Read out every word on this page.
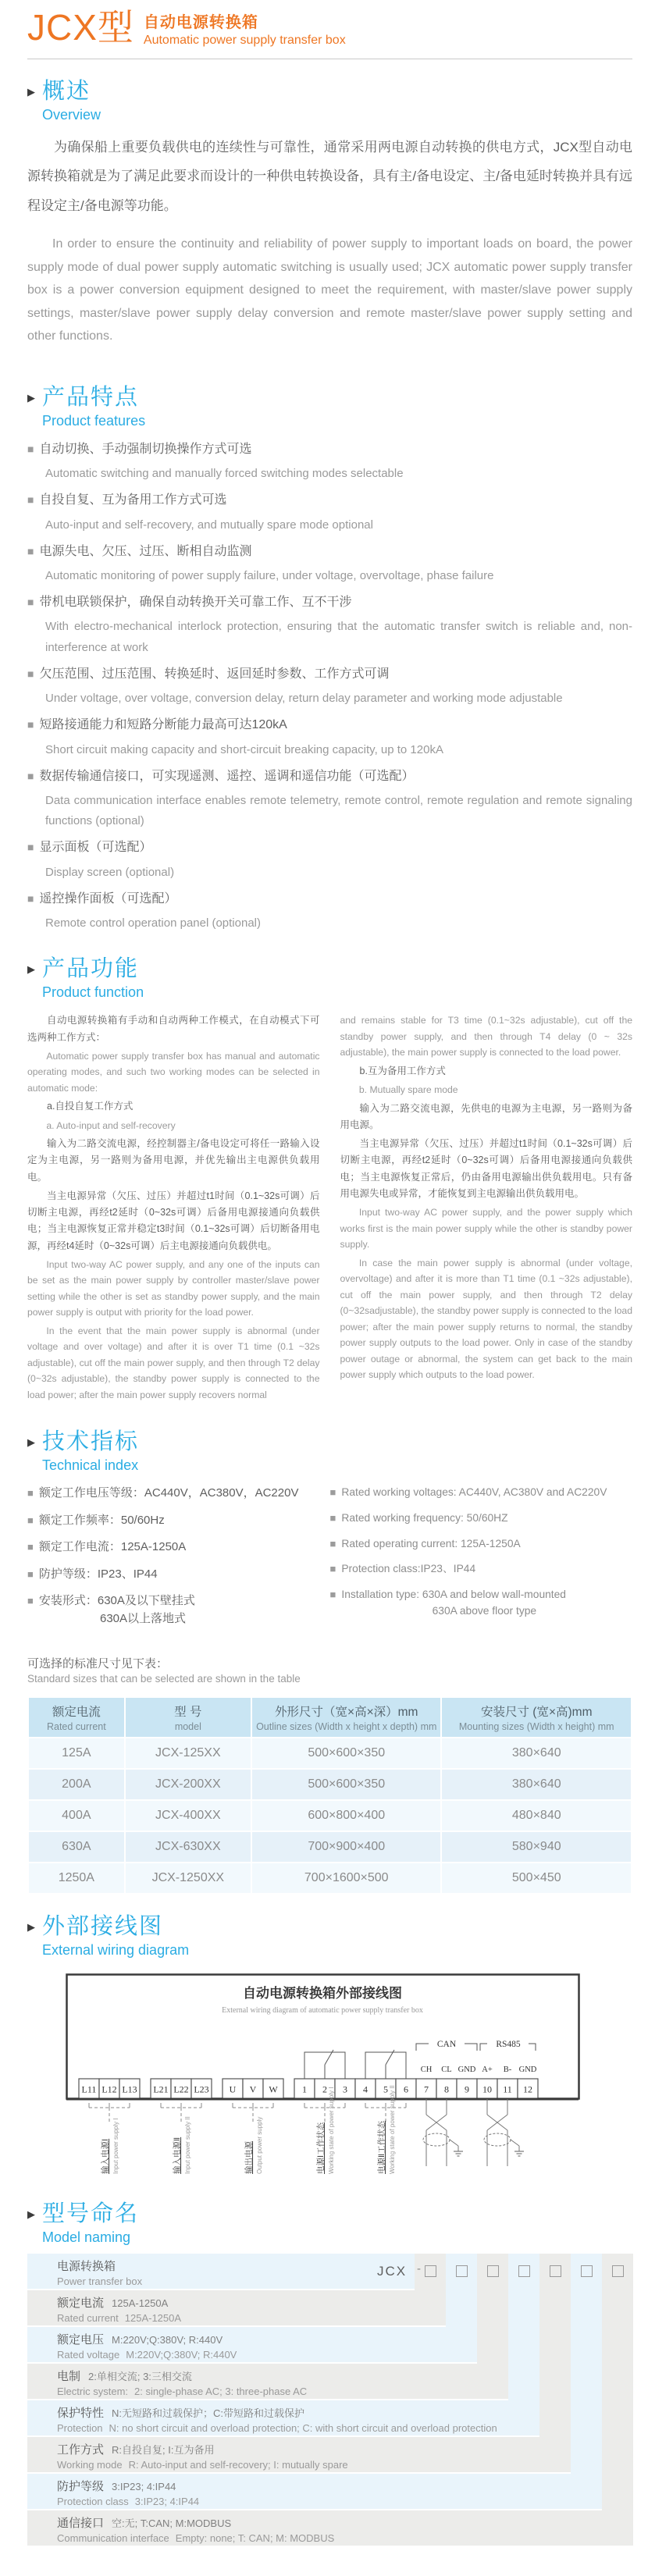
JCX型 自动电源转换箱
Automatic power supply transfer box
▶ 概述
Overview

为确保船上重要负载供电的连续性与可靠性，通常采用两电源自动转换的供电方式，JCX型自动电源转换箱就是为了满足此要求而设计的一种供电转换设备，具有主/备电设定、主/备电延时转换并具有远程设定主/备电源等功能。

In order to ensure the continuity and reliability of power supply to important loads on board, the power supply mode of dual power supply automatic switching is usually used; JCX automatic power supply transfer box is a power conversion equipment designed to meet the requirement, with master/slave power supply settings, master/slave power supply delay conversion and remote master/slave power supply setting and other functions.

▶ 产品特点
Product features
■ 自动切换、手动强制切换操作方式可选
Automatic switching and manually forced switching modes selectable
■ 自投自复、互为备用工作方式可选
Auto-input and self-recovery, and mutually spare mode optional
■ 电源失电、欠压、过压、断相自动监测
Automatic monitoring of power supply failure, under voltage, overvoltage, phase failure
■ 带机电联锁保护，确保自动转换开关可靠工作、互不干涉
With electro-mechanical interlock protection, ensuring that the automatic transfer switch is reliable and, non-interference at work
■ 欠压范围、过压范围、转换延时、返回延时参数、工作方式可调
Under voltage, over voltage, conversion delay, return delay parameter and working mode adjustable
■ 短路接通能力和短路分断能力最高可达120kA
Short circuit making capacity and short-circuit breaking capacity, up to 120kA
■ 数据传输通信接口，可实现遥测、遥控、遥调和遥信功能（可选配）
Data communication interface enables remote telemetry, remote control, remote regulation and remote signaling functions (optional)
■ 显示面板（可选配）
Display screen (optional)
■ 遥控操作面板（可选配）
Remote control operation panel (optional)
▶ 产品功能
Product function
自动电源转换箱有手动和自动两种工作模式，在自动模式下可选两种工作方式：
Automatic power supply transfer box has manual and automatic operating modes, and such two working modes can be selected in automatic mode:
a.自投自复工作方式
a. Auto-input and self-recovery
输入为二路交流电源，经控制器主/备电设定可将任一路输入设定为主电源，另一路则为备用电源，并优先输出主电源供负载用电。
当主电源异常（欠压、过压）并超过t1时间（0.1~32s可调）后切断主电源，再经t2延时（0~32s可调）后备用电源接通向负载供电；当主电源恢复正常并稳定t3时间（0.1~32s可调）后切断备用电源，再经t4延时（0~32s可调）后主电源接通向负载供电。
Input two-way AC power supply, and any one of the inputs can be set as the main power supply by controller master/slave power setting while the other is set as standby power supply, and the main power supply is output with priority for the load power.
In the event that the main power supply is abnormal (under voltage and over voltage) and after it is over T1 time (0.1 ~32s adjustable), cut off the main power supply, and then through T2 delay (0~32s adjustable), the standby power supply is connected to the load power; after the main power supply recovers normal
and remains stable for T3 time (0.1~32s adjustable), cut off the standby power supply, and then through T4 delay (0 ~ 32s adjustable), the main power supply is connected to the load power.
b.互为备用工作方式
b. Mutually spare mode
输入为二路交流电源，先供电的电源为主电源，另一路则为备用电源。
当主电源异常（欠压、过压）并超过t1时间（0.1~32s可调）后切断主电源，再经t2延时（0~32s可调）后备用电源接通向负载供电；当主电源恢复正常后，仍由备用电源输出供负载用电。只有备用电源失电或异常，才能恢复到主电源输出供负载用电。
Input two-way AC power supply, and the power supply which works first is the main power supply while the other is standby power supply.
In case the main power supply is abnormal (under voltage, overvoltage) and after it is more than T1 time (0.1 ~32s adjustable), cut off the main power supply, and then through T2 delay (0~32sadjustable), the standby power supply is connected to the load power; after the main power supply returns to normal, the standby power supply outputs to the load power. Only in case of the standby power outage or abnormal, the system can get back to the main power supply which outputs to the load power.
▶ 技术指标
Technical index
■ 额定工作电压等级：AC440V，AC380V，AC220V
■ 额定工作频率：50/60Hz
■ 额定工作电流：125A-1250A
■ 防护等级：IP23、IP44
■ 安装形式：630A及以下壁挂式
630A以上落地式
■ Rated working voltages: AC440V, AC380V and AC220V
■ Rated working frequency: 50/60HZ
■ Rated operating current: 125A-1250A
■ Protection class:IP23、IP44
■ Installation type: 630A and below wall-mounted
630A above floor type
可选择的标准尺寸见下表：
Standard sizes that can be selected are shown in the table
额定电流
Rated current

型 号
model

外形尺寸（宽×高×深）mm
Outline sizes (Width x height x depth) mm

安装尺寸 (宽×高)mm
Mounting sizes (Width x height) mm

125A	JCX-125XX	500×600×350	380×640
200A	JCX-200XX	500×600×350	380×640
400A	JCX-400XX	600×800×400	480×840
630A	JCX-630XX	700×900×400	580×940
1250A	JCX-1250XX	700×1600×500	500×450
▶ 外部接线图
External wiring diagram
自动电源转换箱外部接线图
External wiring diagram of automatic power supply transfer box
L11 L12 L13 L21 L22 L23 U V W	1 2 3 4 5 6 7 8 9 10 11 12
CH CL GND A+ B- GND
CAN	RS485
输入电源Ⅰ Input power supply I	输入电源Ⅱ Input power supply II	输出电源 Output power supply	电源Ⅰ工作状态 Working state of power supply I	电源Ⅱ工作状态 Working state of power supply II
▶ 型号命名
Model naming
电源转换箱
Power transfer box
额定电流 125A-1250A
Rated current 125A-1250A
额定电压 M:220V;Q:380V; R:440V
Rated voltage M:220V;Q:380V; R:440V
电制 2:单相交流; 3:三相交流
Electric system: 2: single-phase AC; 3: three-phase AC
保护特性 N:无短路和过载保护；C:带短路和过载保护
Protection N: no short circuit and overload protection; C: with short circuit and overload protection
工作方式 R:自投自复; I:互为备用
Working mode R: Auto-input and self-recovery; I: mutually spare
防护等级 3:IP23; 4:IP44
Protection class 3:IP23; 4:IP44
通信接口 空:无; T:CAN; M:MODBUS
Communication interface Empty: none; T: CAN; M: MODBUS
JCX -
